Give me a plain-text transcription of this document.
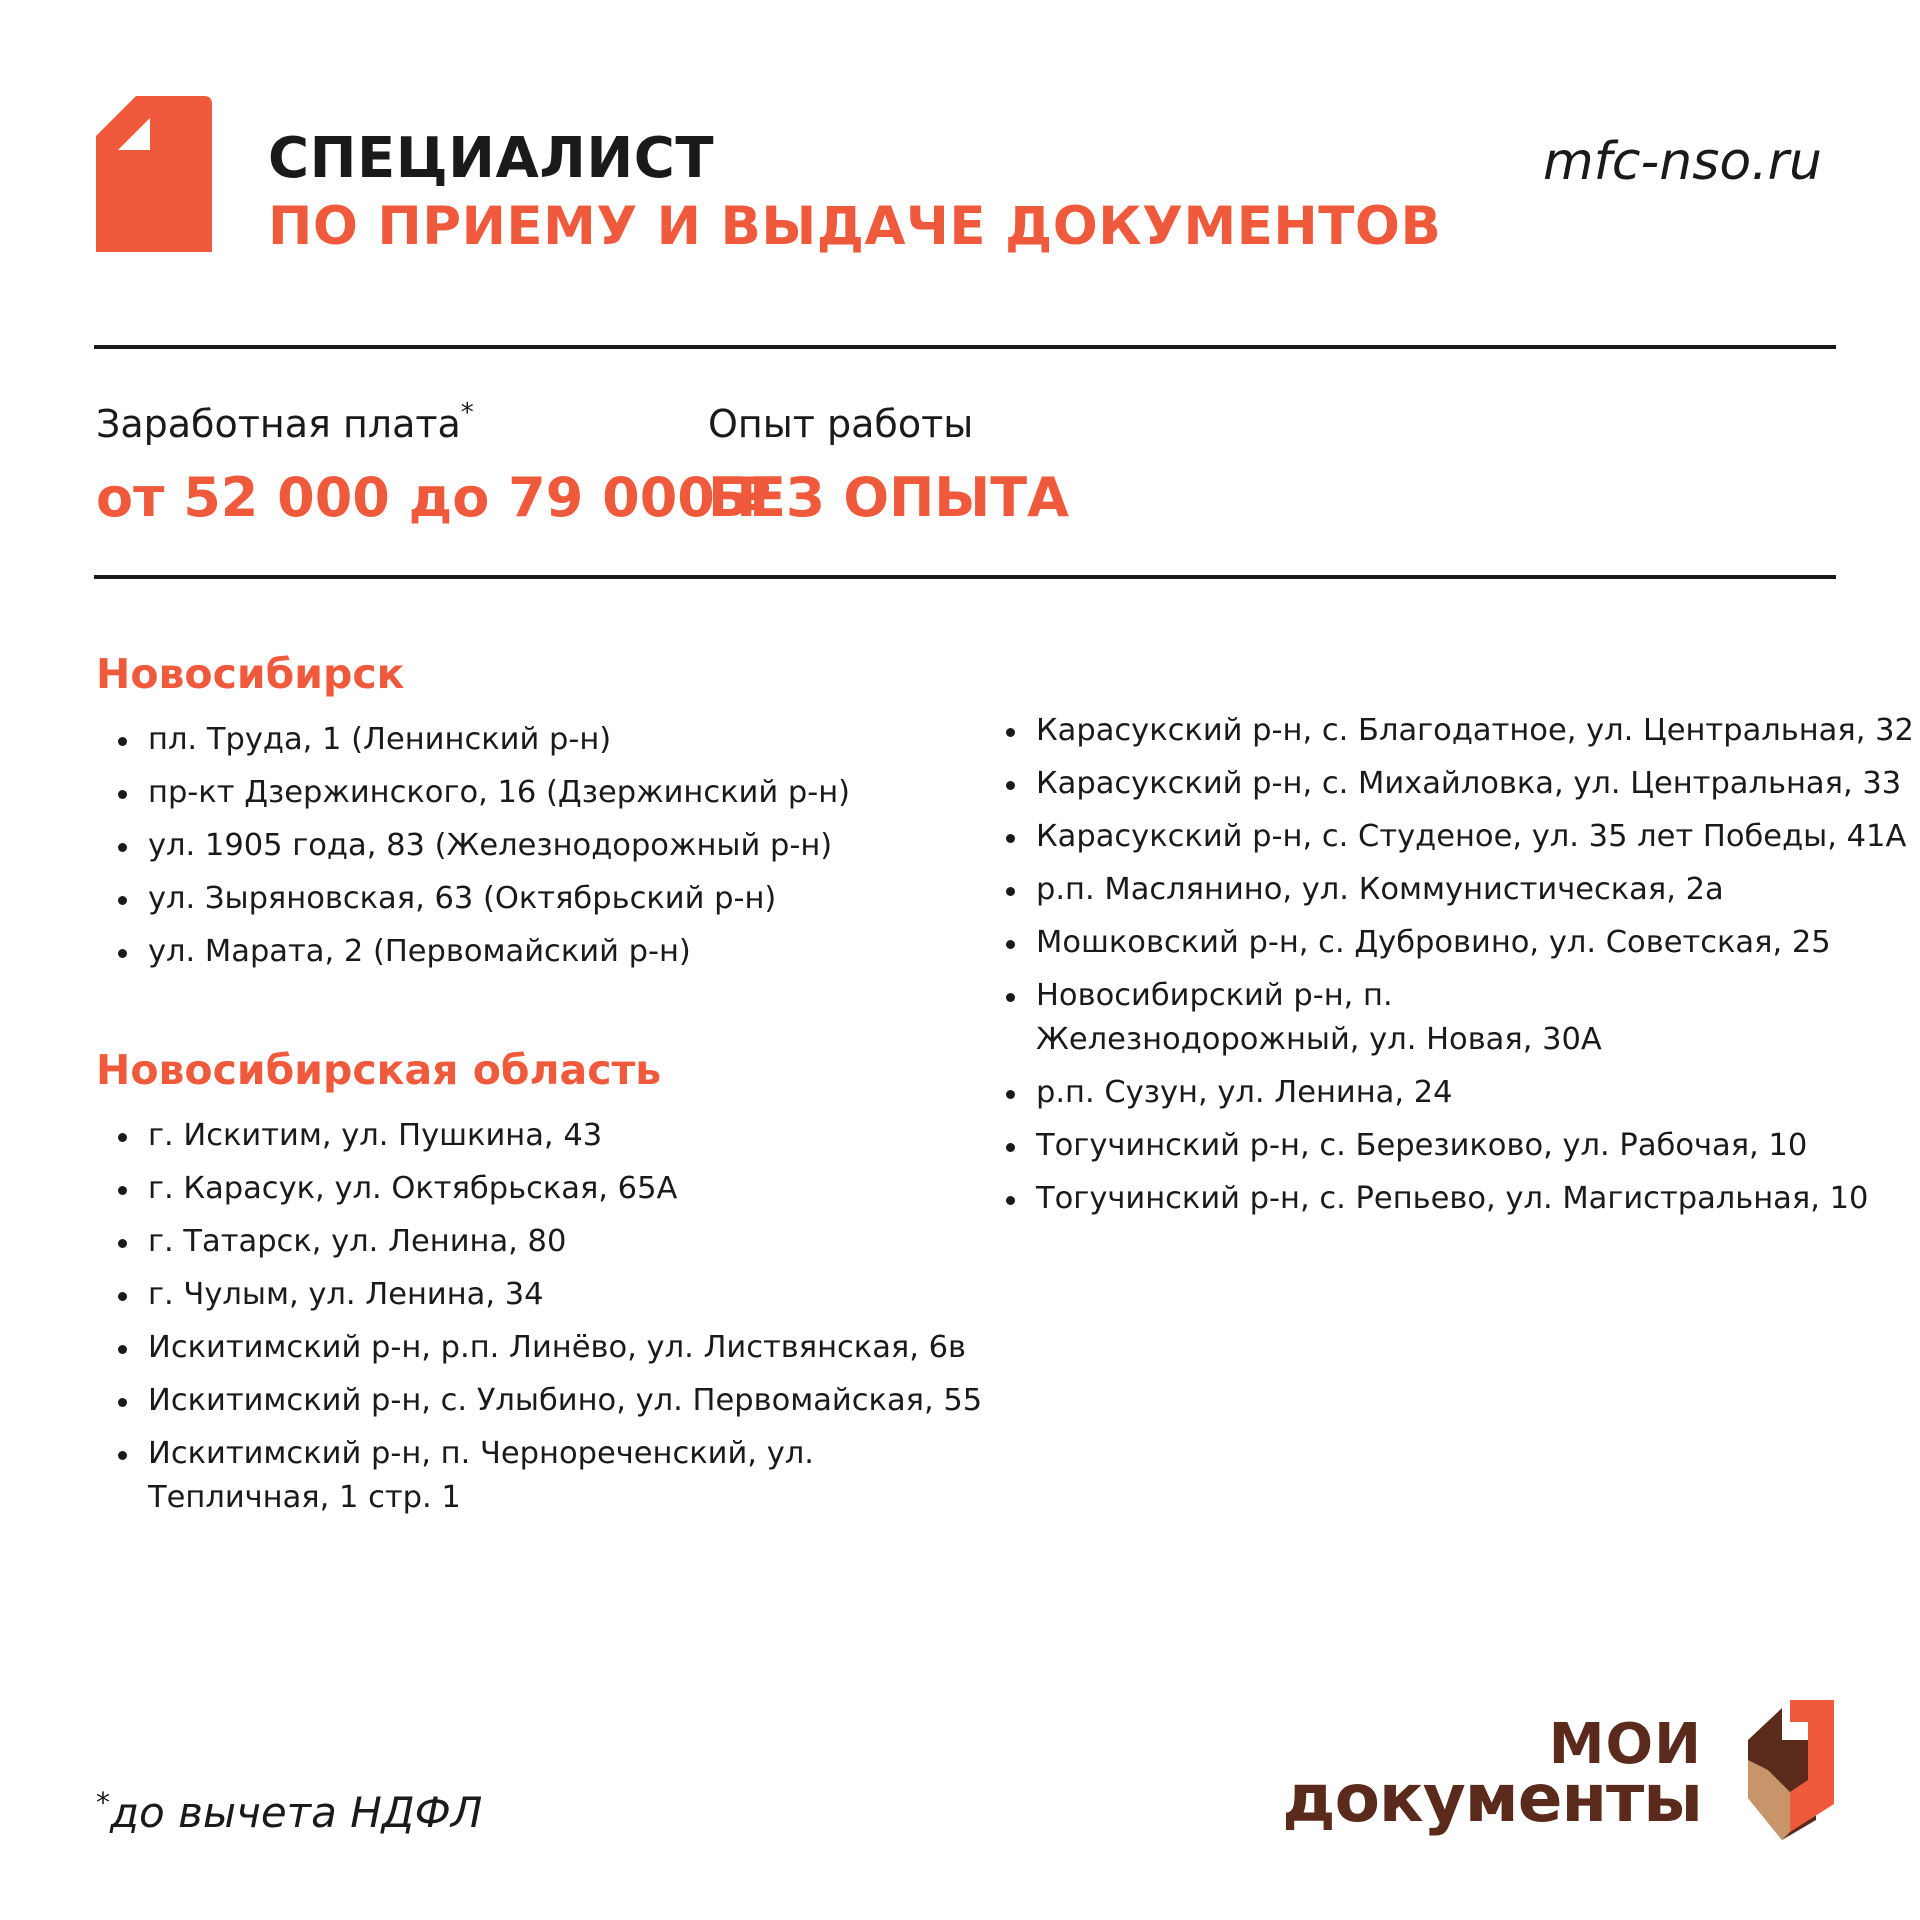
СПЕЦИАЛИСТ
ПО ПРИЕМУ И ВЫДАЧЕ ДОКУМЕНТОВ
mfc-nso.ru
Заработная плата*
от 52 000 до 79 000 ₽
Опыт работы
БЕЗ ОПЫТА
Новосибирск
пл. Труда, 1 (Ленинский р-н)
пр-кт Дзержинского, 16 (Дзержинский р-н)
ул. 1905 года, 83 (Железнодорожный р-н)
ул. Зыряновская, 63 (Октябрьский р-н)
ул. Марата, 2 (Первомайский р-н)
Новосибирская область
г. Искитим, ул. Пушкина, 43
г. Карасук, ул. Октябрьская, 65А
г. Татарск, ул. Ленина, 80
г. Чулым, ул. Ленина, 34
Искитимский р-н, р.п. Линёво, ул. Листвянская, 6в
Искитимский р-н, с. Улыбино, ул. Первомайская, 55
Искитимский р-н, п. Чернореченский, ул. Тепличная, 1 стр. 1
Карасукский р-н, с. Благодатное, ул. Центральная, 32
Карасукский р-н, с. Михайловка, ул. Центральная, 33
Карасукский р-н, с. Студеное, ул. 35 лет Победы, 41А
р.п. Маслянино, ул. Коммунистическая, 2а
Мошковский р-н, с. Дубровино, ул. Советская, 25
Новосибирский р-н, п. Железнодорожный, ул. Новая, 30А
р.п. Сузун, ул. Ленина, 24
Тогучинский р-н, с. Березиково, ул. Рабочая, 10
Тогучинский р-н, с. Репьево, ул. Магистральная, 10
*до вычета НДФЛ
МОИ
документы
